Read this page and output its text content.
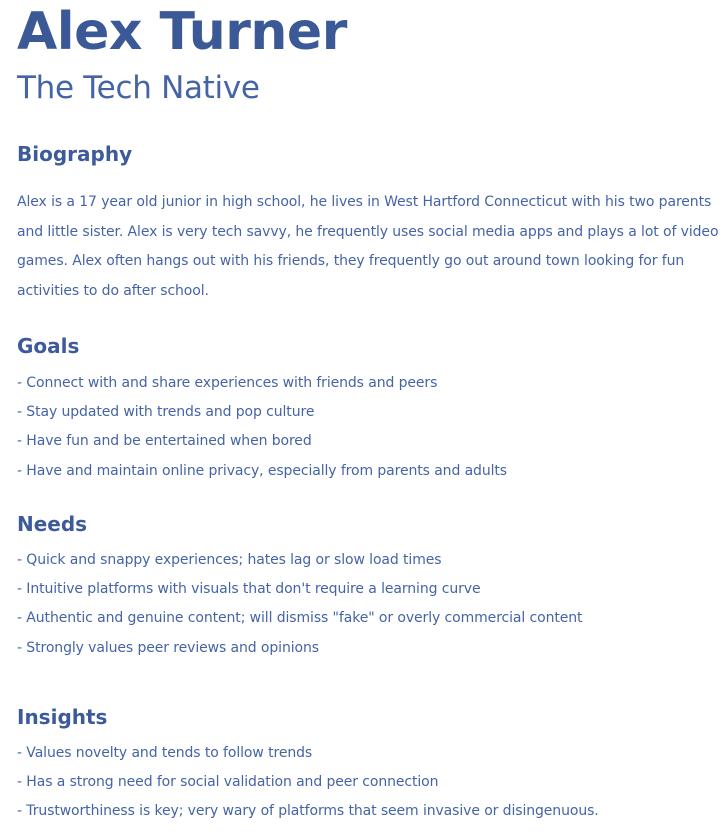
Alex Turner
The Tech Native
Biography

Alex is a 17 year old junior in high school, he lives in West Hartford Connecticut with his two parents and little sister. Alex is very tech savvy, he frequently uses social media apps and plays a lot of video games. Alex often hangs out with his friends, they frequently go out around town looking for fun activities to do after school.

Goals
- Connect with and share experiences with friends and peers
- Stay updated with trends and pop culture
- Have fun and be entertained when bored
- Have and maintain online privacy, especially from parents and adults
Needs
- Quick and snappy experiences; hates lag or slow load times
- Intuitive platforms with visuals that don't require a learning curve
- Authentic and genuine content; will dismiss "fake" or overly commercial content
- Strongly values peer reviews and opinions
Insights
- Values novelty and tends to follow trends
- Has a strong need for social validation and peer connection
- Trustworthiness is key; very wary of platforms that seem invasive or disingenuous.
